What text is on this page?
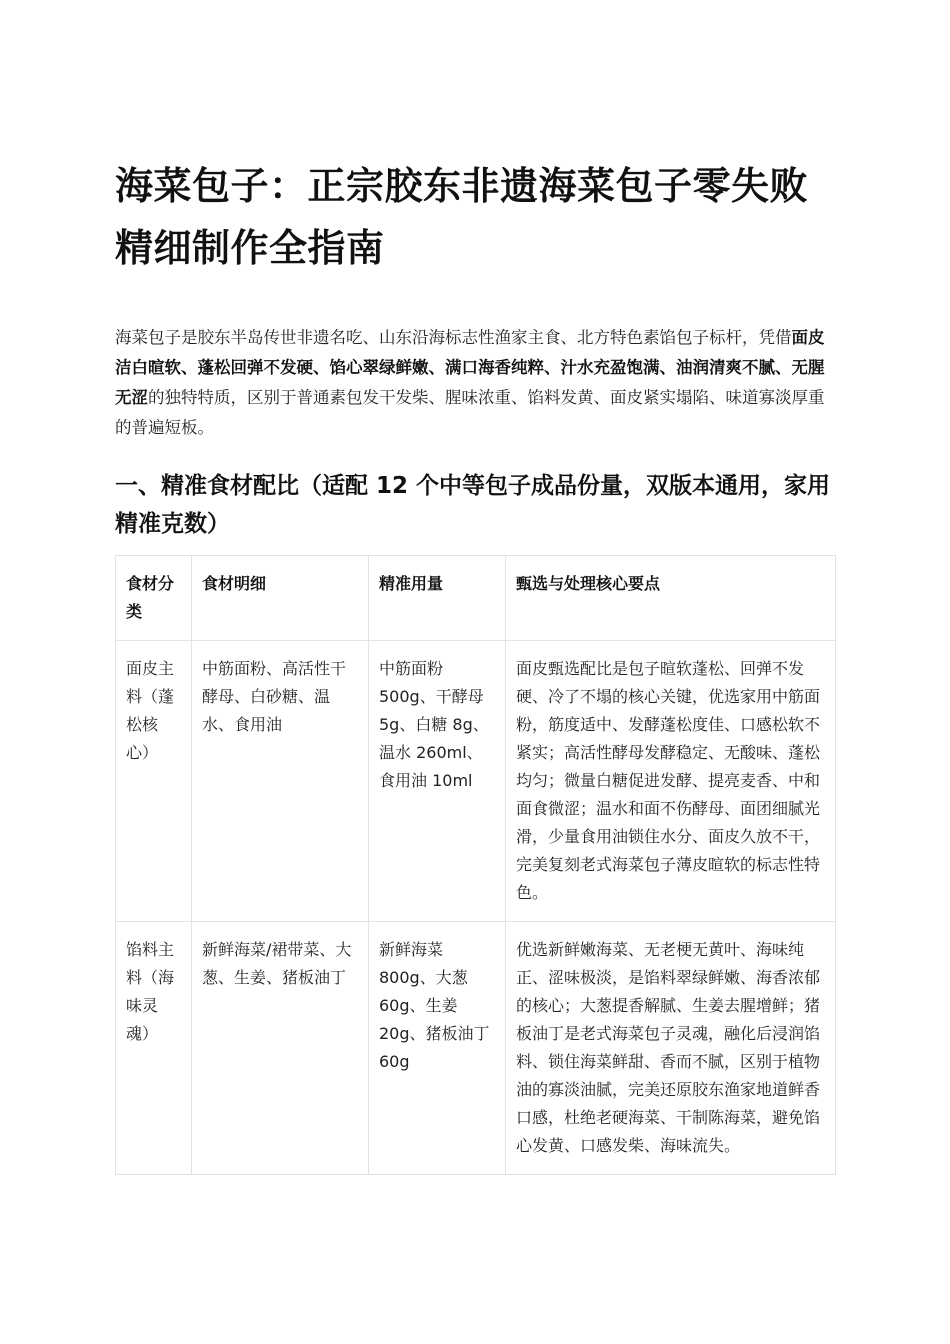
海菜包子：正宗胶东非遗海菜包子零失败精细制作全指南

海菜包子是胶东半岛传世非遗名吃、山东沿海标志性渔家主食、北方特色素馅包子标杆，凭借面皮洁白暄软、蓬松回弹不发硬、馅心翠绿鲜嫩、满口海香纯粹、汁水充盈饱满、油润清爽不腻、无腥无涩的独特特质，区别于普通素包发干发柴、腥味浓重、馅料发黄、面皮紧实塌陷、味道寡淡厚重的普遍短板。

一、精准食材配比（适配 12 个中等包子成品份量，双版本通用，家用精准克数）
食材分类	食材明细	精准用量	甄选与处理核心要点
面皮主料（蓬松核心）	中筋面粉、高活性干酵母、白砂糖、温水、食用油	中筋面粉 500g、干酵母 5g、白糖 8g、温水 260ml、食用油 10ml	面皮甄选配比是包子暄软蓬松、回弹不发硬、冷了不塌的核心关键，优选家用中筋面粉，筋度适中、发酵蓬松度佳、口感松软不紧实；高活性酵母发酵稳定、无酸味、蓬松均匀；微量白糖促进发酵、提亮麦香、中和面食微涩；温水和面不伤酵母、面团细腻光滑，少量食用油锁住水分、面皮久放不干，完美复刻老式海菜包子薄皮暄软的标志性特色。
馅料主料（海味灵魂）	新鲜海菜/裙带菜、大葱、生姜、猪板油丁	新鲜海菜 800g、大葱 60g、生姜 20g、猪板油丁 60g	优选新鲜嫩海菜、无老梗无黄叶、海味纯正、涩味极淡，是馅料翠绿鲜嫩、海香浓郁的核心；大葱提香解腻、生姜去腥增鲜；猪板油丁是老式海菜包子灵魂，融化后浸润馅料、锁住海菜鲜甜、香而不腻，区别于植物油的寡淡油腻，完美还原胶东渔家地道鲜香口感，杜绝老硬海菜、干制陈海菜，避免馅心发黄、口感发柴、海味流失。
